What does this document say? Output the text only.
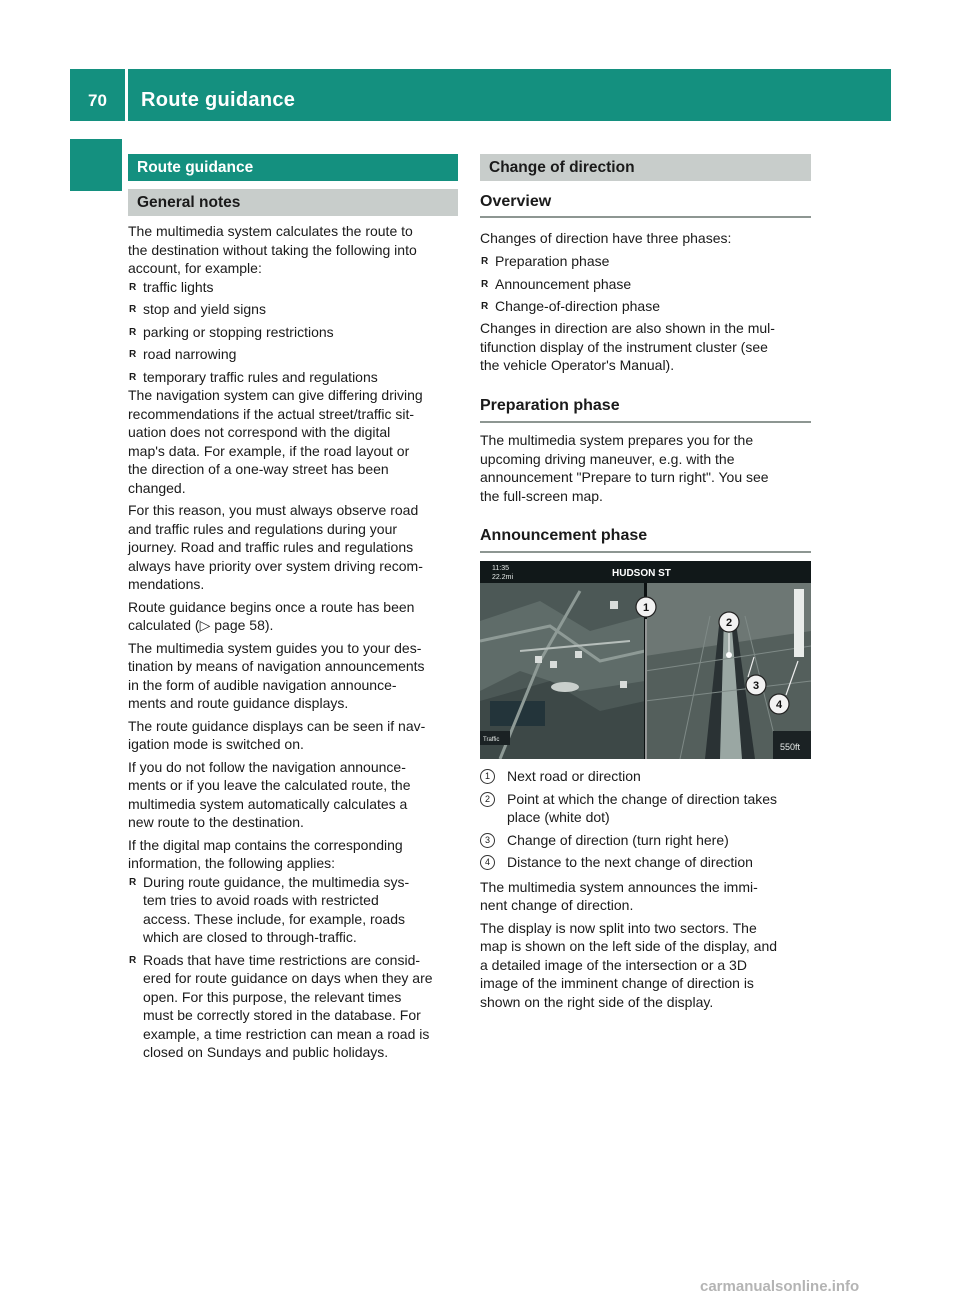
70 Route guidance
Navigation
Route guidance
General notes
The multimedia system calculates the route to
the destination without taking the following into
account, for example:
R traffic lights
R stop and yield signs
R parking or stopping restrictions
R road narrowing
R temporary traffic rules and regulations
The navigation system can give differing driving
recommendations if the actual street/traffic sit-
uation does not correspond with the digital
map's data. For example, if the road layout or
the direction of a one-way street has been
changed.
For this reason, you must always observe road
and traffic rules and regulations during your
journey. Road and traffic rules and regulations
always have priority over system driving recom-
mendations.
Route guidance begins once a route has been
calculated (▷ page 58).
The multimedia system guides you to your des-
tination by means of navigation announcements
in the form of audible navigation announce-
ments and route guidance displays.
The route guidance displays can be seen if nav-
igation mode is switched on.
If you do not follow the navigation announce-
ments or if you leave the calculated route, the
multimedia system automatically calculates a
new route to the destination.
If the digital map contains the corresponding
information, the following applies:
R During route guidance, the multimedia sys-
tem tries to avoid roads with restricted
access. These include, for example, roads
which are closed to through-traffic.
R Roads that have time restrictions are consid-
ered for route guidance on days when they are
open. For this purpose, the relevant times
must be correctly stored in the database. For
example, a time restriction can mean a road is
closed on Sundays and public holidays.
Change of direction
Overview
Preparation phase
Announcement phase
Changes of direction have three phases:
R Preparation phase
R Announcement phase
R Change-of-direction phase
Changes in direction are also shown in the mul-
tifunction display of the instrument cluster (see
the vehicle Operator's Manual).
The multimedia system prepares you for the
upcoming driving maneuver, e.g. with the
announcement "Prepare to turn right". You see
the full-screen map.
1	Next road or direction
2	Point at which the change of direction takes
place (white dot)
3	Change of direction (turn right here)
4	Distance to the next change of direction
The multimedia system announces the immi-
nent change of direction.
The display is now split into two sectors. The
map is shown on the left side of the display, and
a detailed image of the intersection or a 3D
image of the imminent change of direction is
shown on the right side of the display.
11:35
22.2mi	HUDSON ST
550ft
Traffic
1
2
3
4
carmanualsonline.info
